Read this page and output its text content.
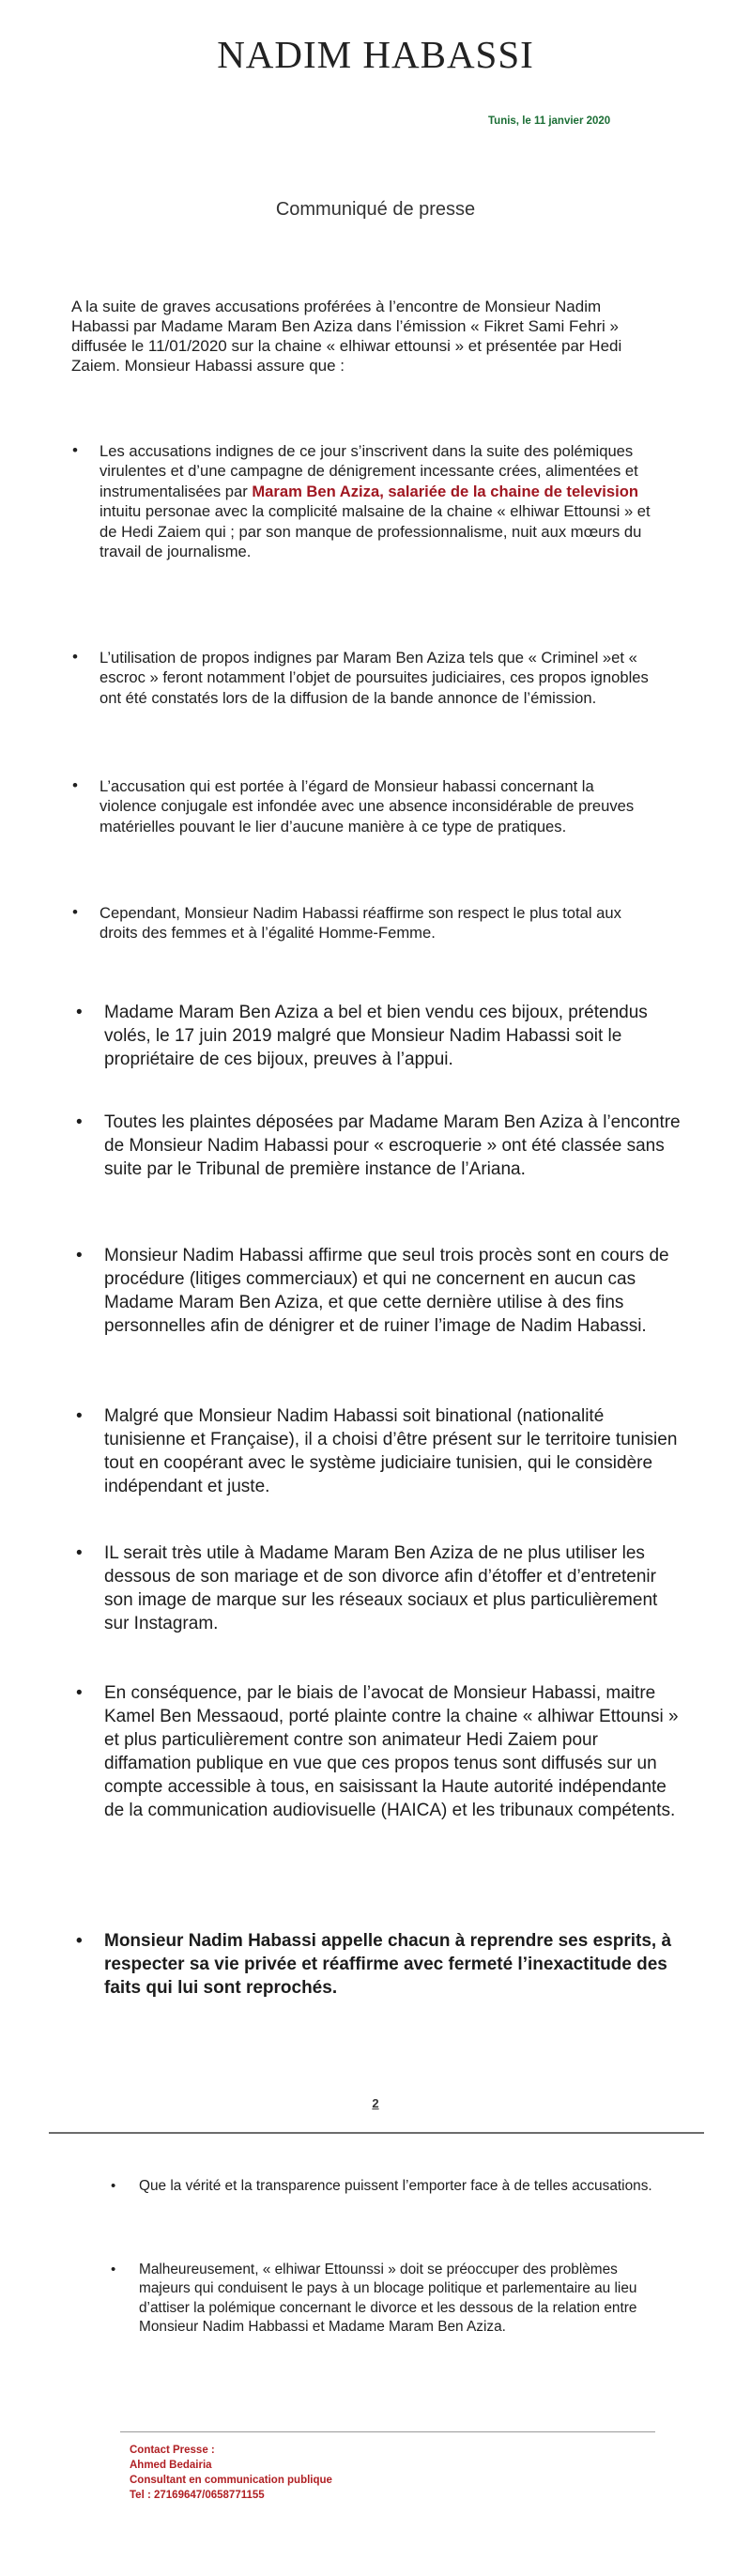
NADIM HABASSI
Tunis, le 11 janvier 2020
Communiqué de presse
A la suite de graves accusations proférées à l’encontre de Monsieur Nadim Habassi par Madame Maram Ben Aziza dans l’émission « Fikret Sami Fehri » diffusée le 11/01/2020 sur la chaine « elhiwar ettounsi » et présentée par Hedi Zaiem. Monsieur Habassi assure que :
• Les accusations indignes de ce jour s’inscrivent dans la suite des polémiques virulentes et d’une campagne de dénigrement incessante crées, alimentées et instrumentalisées par Maram Ben Aziza, salariée de la chaine de television intuitu personae avec la complicité malsaine de la chaine « elhiwar Ettounsi » et de Hedi Zaiem qui ; par son manque de professionnalisme, nuit aux mœurs du travail de journalisme.
• L’utilisation de propos indignes par Maram Ben Aziza tels que « Criminel »et « escroc » feront notamment l’objet de poursuites judiciaires, ces propos ignobles ont été constatés lors de la diffusion de la bande annonce de l’émission.
• L’accusation qui est portée à l’égard de Monsieur habassi concernant la violence conjugale est infondée avec une absence inconsidérable de preuves matérielles pouvant le lier d’aucune manière à ce type de pratiques.
• Cependant, Monsieur Nadim Habassi réaffirme son respect le plus total aux droits des femmes et à l’égalité Homme-Femme.
• Madame Maram Ben Aziza a bel et bien vendu ces bijoux, prétendus volés, le 17 juin 2019 malgré que Monsieur Nadim Habassi soit le propriétaire de ces bijoux, preuves à l’appui.
• Toutes les plaintes déposées par Madame Maram Ben Aziza à l’encontre de Monsieur Nadim Habassi pour « escroquerie » ont été classée sans suite par le Tribunal de première instance de l’Ariana.
• Monsieur Nadim Habassi affirme que seul trois procès sont en cours de procédure (litiges commerciaux) et qui ne concernent en aucun cas Madame Maram Ben Aziza, et que cette dernière utilise à des fins personnelles afin de dénigrer et de ruiner l’image de Nadim Habassi.
• Malgré que Monsieur Nadim Habassi soit binational (nationalité tunisienne et Française), il a choisi d’être présent sur le territoire tunisien tout en coopérant avec le système judiciaire tunisien, qui le considère indépendant et juste.
• IL serait très utile à Madame Maram Ben Aziza de ne plus utiliser les dessous de son mariage et de son divorce afin d’étoffer et d’entretenir son image de marque sur les réseaux sociaux et plus particulièrement sur Instagram.
• En conséquence, par le biais de l’avocat de Monsieur Habassi, maitre Kamel Ben Messaoud, porté plainte contre la chaine « alhiwar Ettounsi » et plus particulièrement contre son animateur Hedi Zaiem pour diffamation publique en vue que ces propos tenus sont diffusés sur un compte accessible à tous, en saisissant la Haute autorité indépendante de la communication audiovisuelle (HAICA) et les tribunaux compétents.
• Monsieur Nadim Habassi appelle chacun à reprendre ses esprits, à respecter sa vie privée et réaffirme avec fermeté l’inexactitude des faits qui lui sont reprochés.
2
• Que la vérité et la transparence puissent l’emporter face à de telles accusations.
• Malheureusement, « elhiwar Ettounssi » doit se préoccuper des problèmes majeurs qui conduisent le pays à un blocage politique et parlementaire au lieu d’attiser la polémique concernant le divorce et les dessous de la relation entre Monsieur Nadim Habbassi et Madame Maram Ben Aziza.
Contact Presse :
Ahmed Bedairia
Consultant en communication publique
Tel : 27169647/0658771155
